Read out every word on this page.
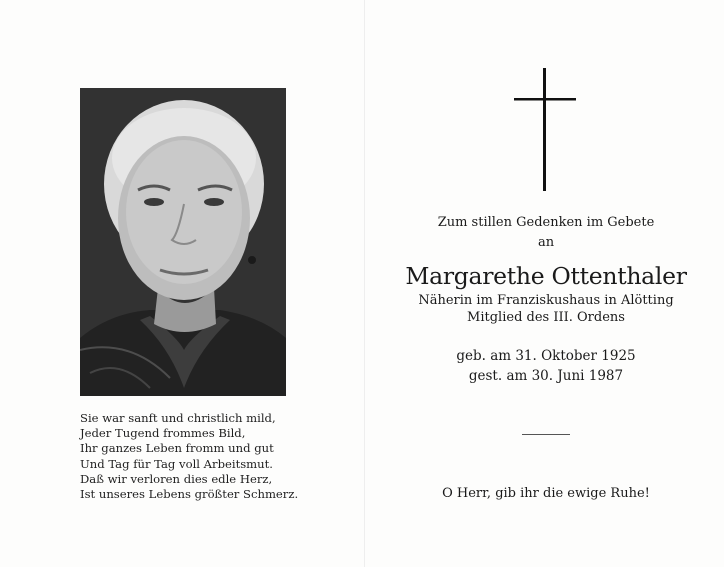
Sie war sanft und christlich mild,
Jeder Tugend frommes Bild,
Ihr ganzes Leben fromm und gut
Und Tag für Tag voll Arbeitsmut.
Daß wir verloren dies edle Herz,
Ist unseres Lebens größter Schmerz.
Zum stillen Gedenken im Gebete
an
Margarethe Ottenthaler
Näherin im Franziskushaus in Alötting
Mitglied des III. Ordens
geb. am 31. Oktober 1925
gest. am 30. Juni 1987
O Herr, gib ihr die ewige Ruhe!
